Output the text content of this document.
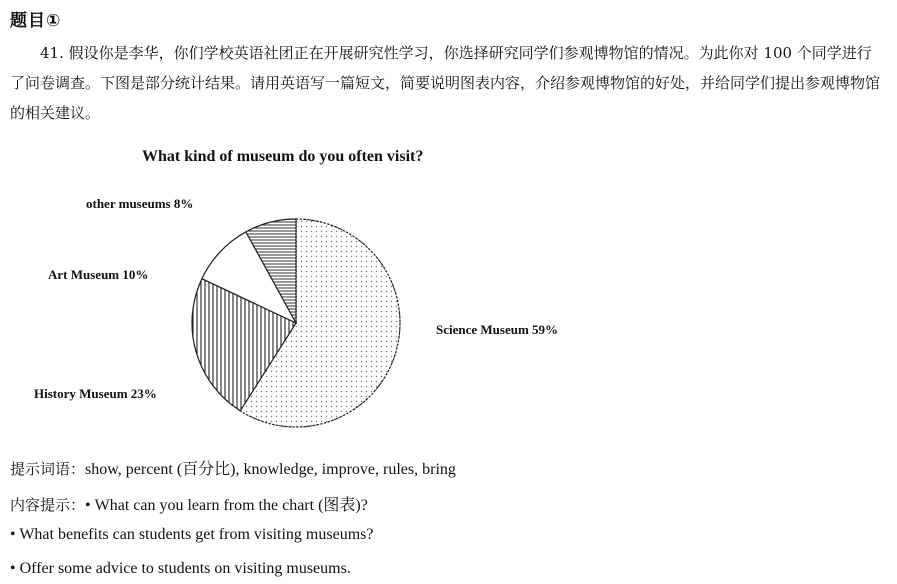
题目①

41. 假设你是李华，你们学校英语社团正在开展研究性学习，你选择研究同学们参观博物馆的情况。为此你对 100 个同学进行了问卷调查。下图是部分统计结果。请用英语写一篇短文，简要说明图表内容，介绍参观博物馆的好处，并给同学们提出参观博物馆的相关建议。

What kind of museum do you often visit?
other museums 8%
Art Museum 10%
Science Museum 59%
History Museum 23%

提示词语：show, percent (百分比), knowledge, improve, rules, bring

内容提示：• What can you learn from the chart (图表)?

• What benefits can students get from visiting museums?

• Offer some advice to students on visiting museums.
